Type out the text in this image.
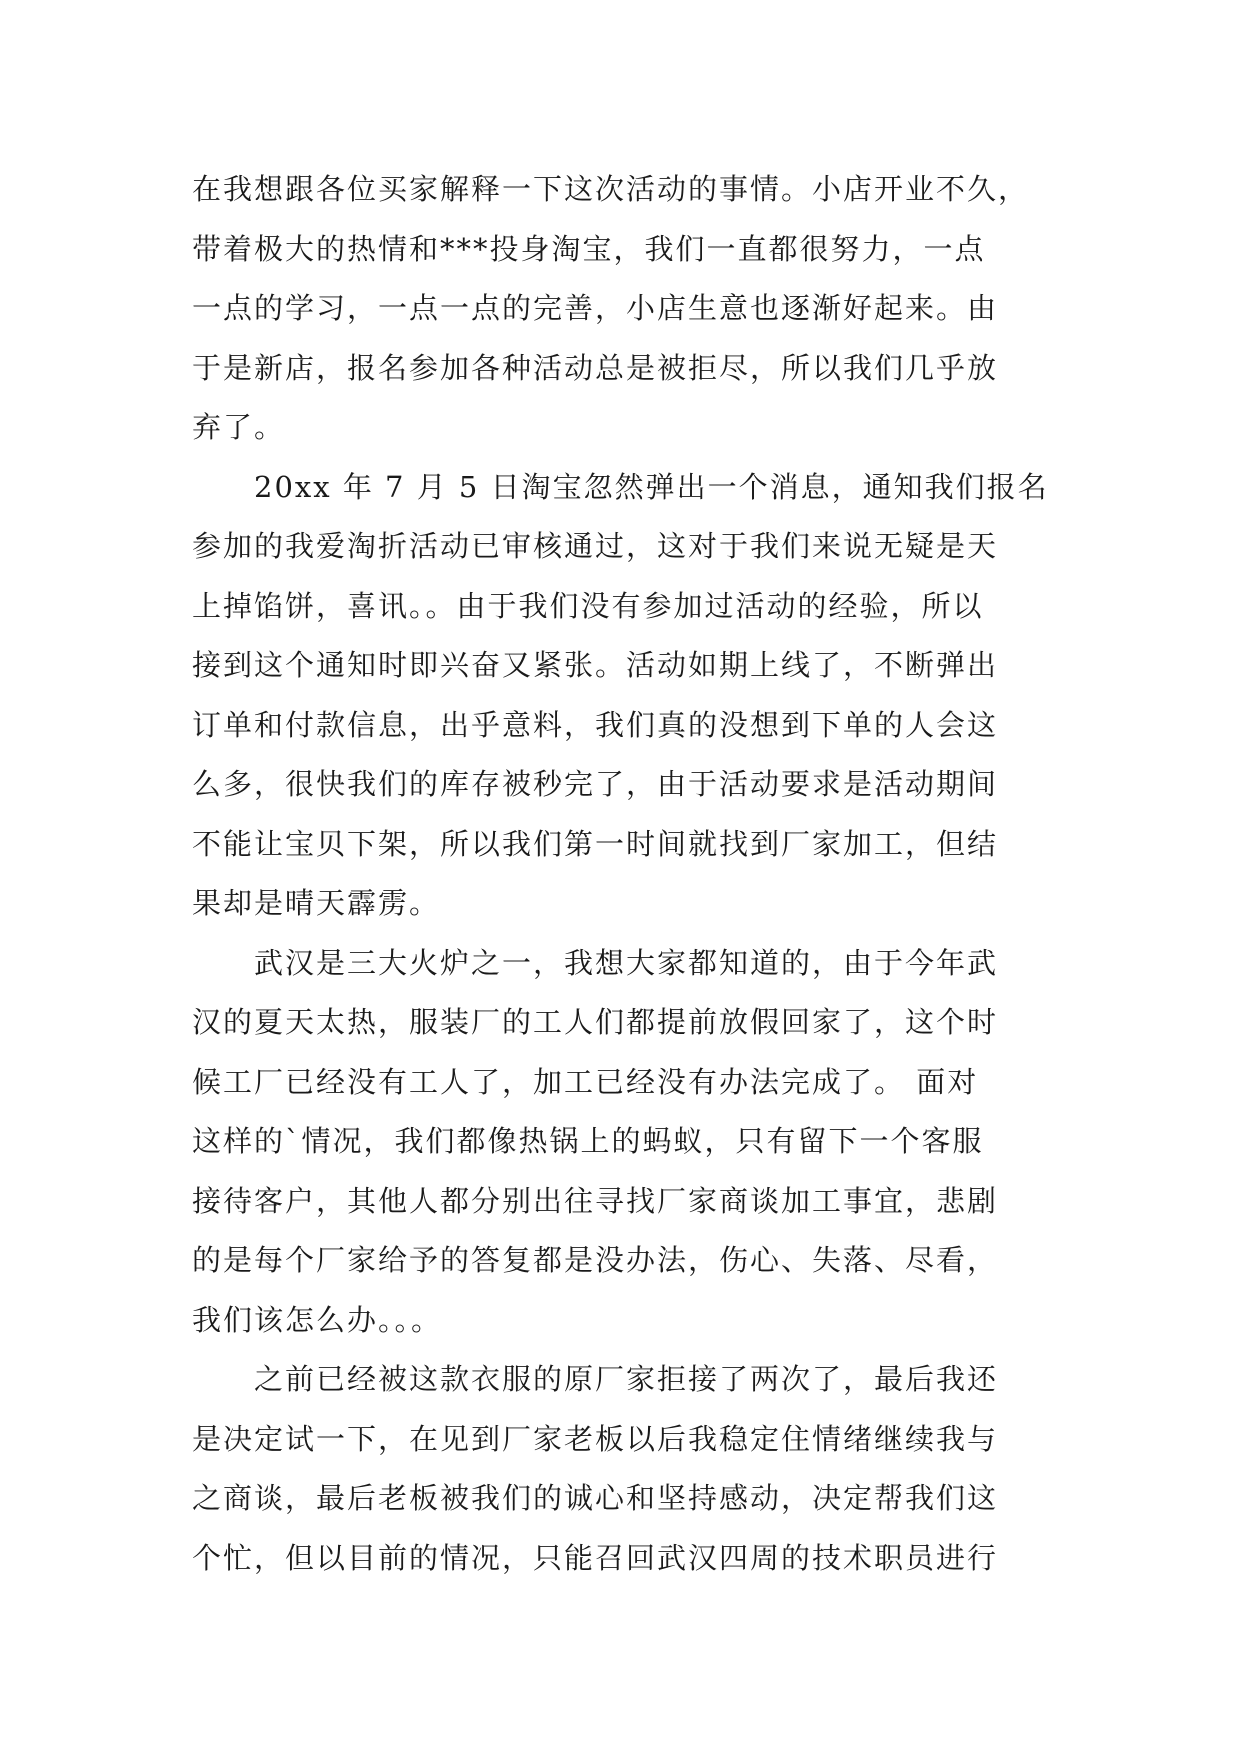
在我想跟各位买家解释一下这次活动的事情。小店开业不久，
带着极大的热情和***投身淘宝，我们一直都很努力，一点
一点的学习，一点一点的完善，小店生意也逐渐好起来。由
于是新店，报名参加各种活动总是被拒尽，所以我们几乎放
弃了。
20xx 年 7 月 5 日淘宝忽然弹出一个消息，通知我们报名
参加的我爱淘折活动已审核通过，这对于我们来说无疑是天
上掉馅饼，喜讯。。由于我们没有参加过活动的经验，所以
接到这个通知时即兴奋又紧张。活动如期上线了，不断弹出
订单和付款信息，出乎意料，我们真的没想到下单的人会这
么多，很快我们的库存被秒完了，由于活动要求是活动期间
不能让宝贝下架，所以我们第一时间就找到厂家加工，但结
果却是晴天霹雳。
武汉是三大火炉之一，我想大家都知道的，由于今年武
汉的夏天太热，服装厂的工人们都提前放假回家了，这个时
候工厂已经没有工人了，加工已经没有办法完成了。 面对
这样的`情况，我们都像热锅上的蚂蚁，只有留下一个客服
接待客户，其他人都分别出往寻找厂家商谈加工事宜，悲剧
的是每个厂家给予的答复都是没办法，伤心、失落、尽看，
我们该怎么办。。。
之前已经被这款衣服的原厂家拒接了两次了，最后我还
是决定试一下，在见到厂家老板以后我稳定住情绪继续我与
之商谈，最后老板被我们的诚心和坚持感动，决定帮我们这
个忙，但以目前的情况，只能召回武汉四周的技术职员进行
